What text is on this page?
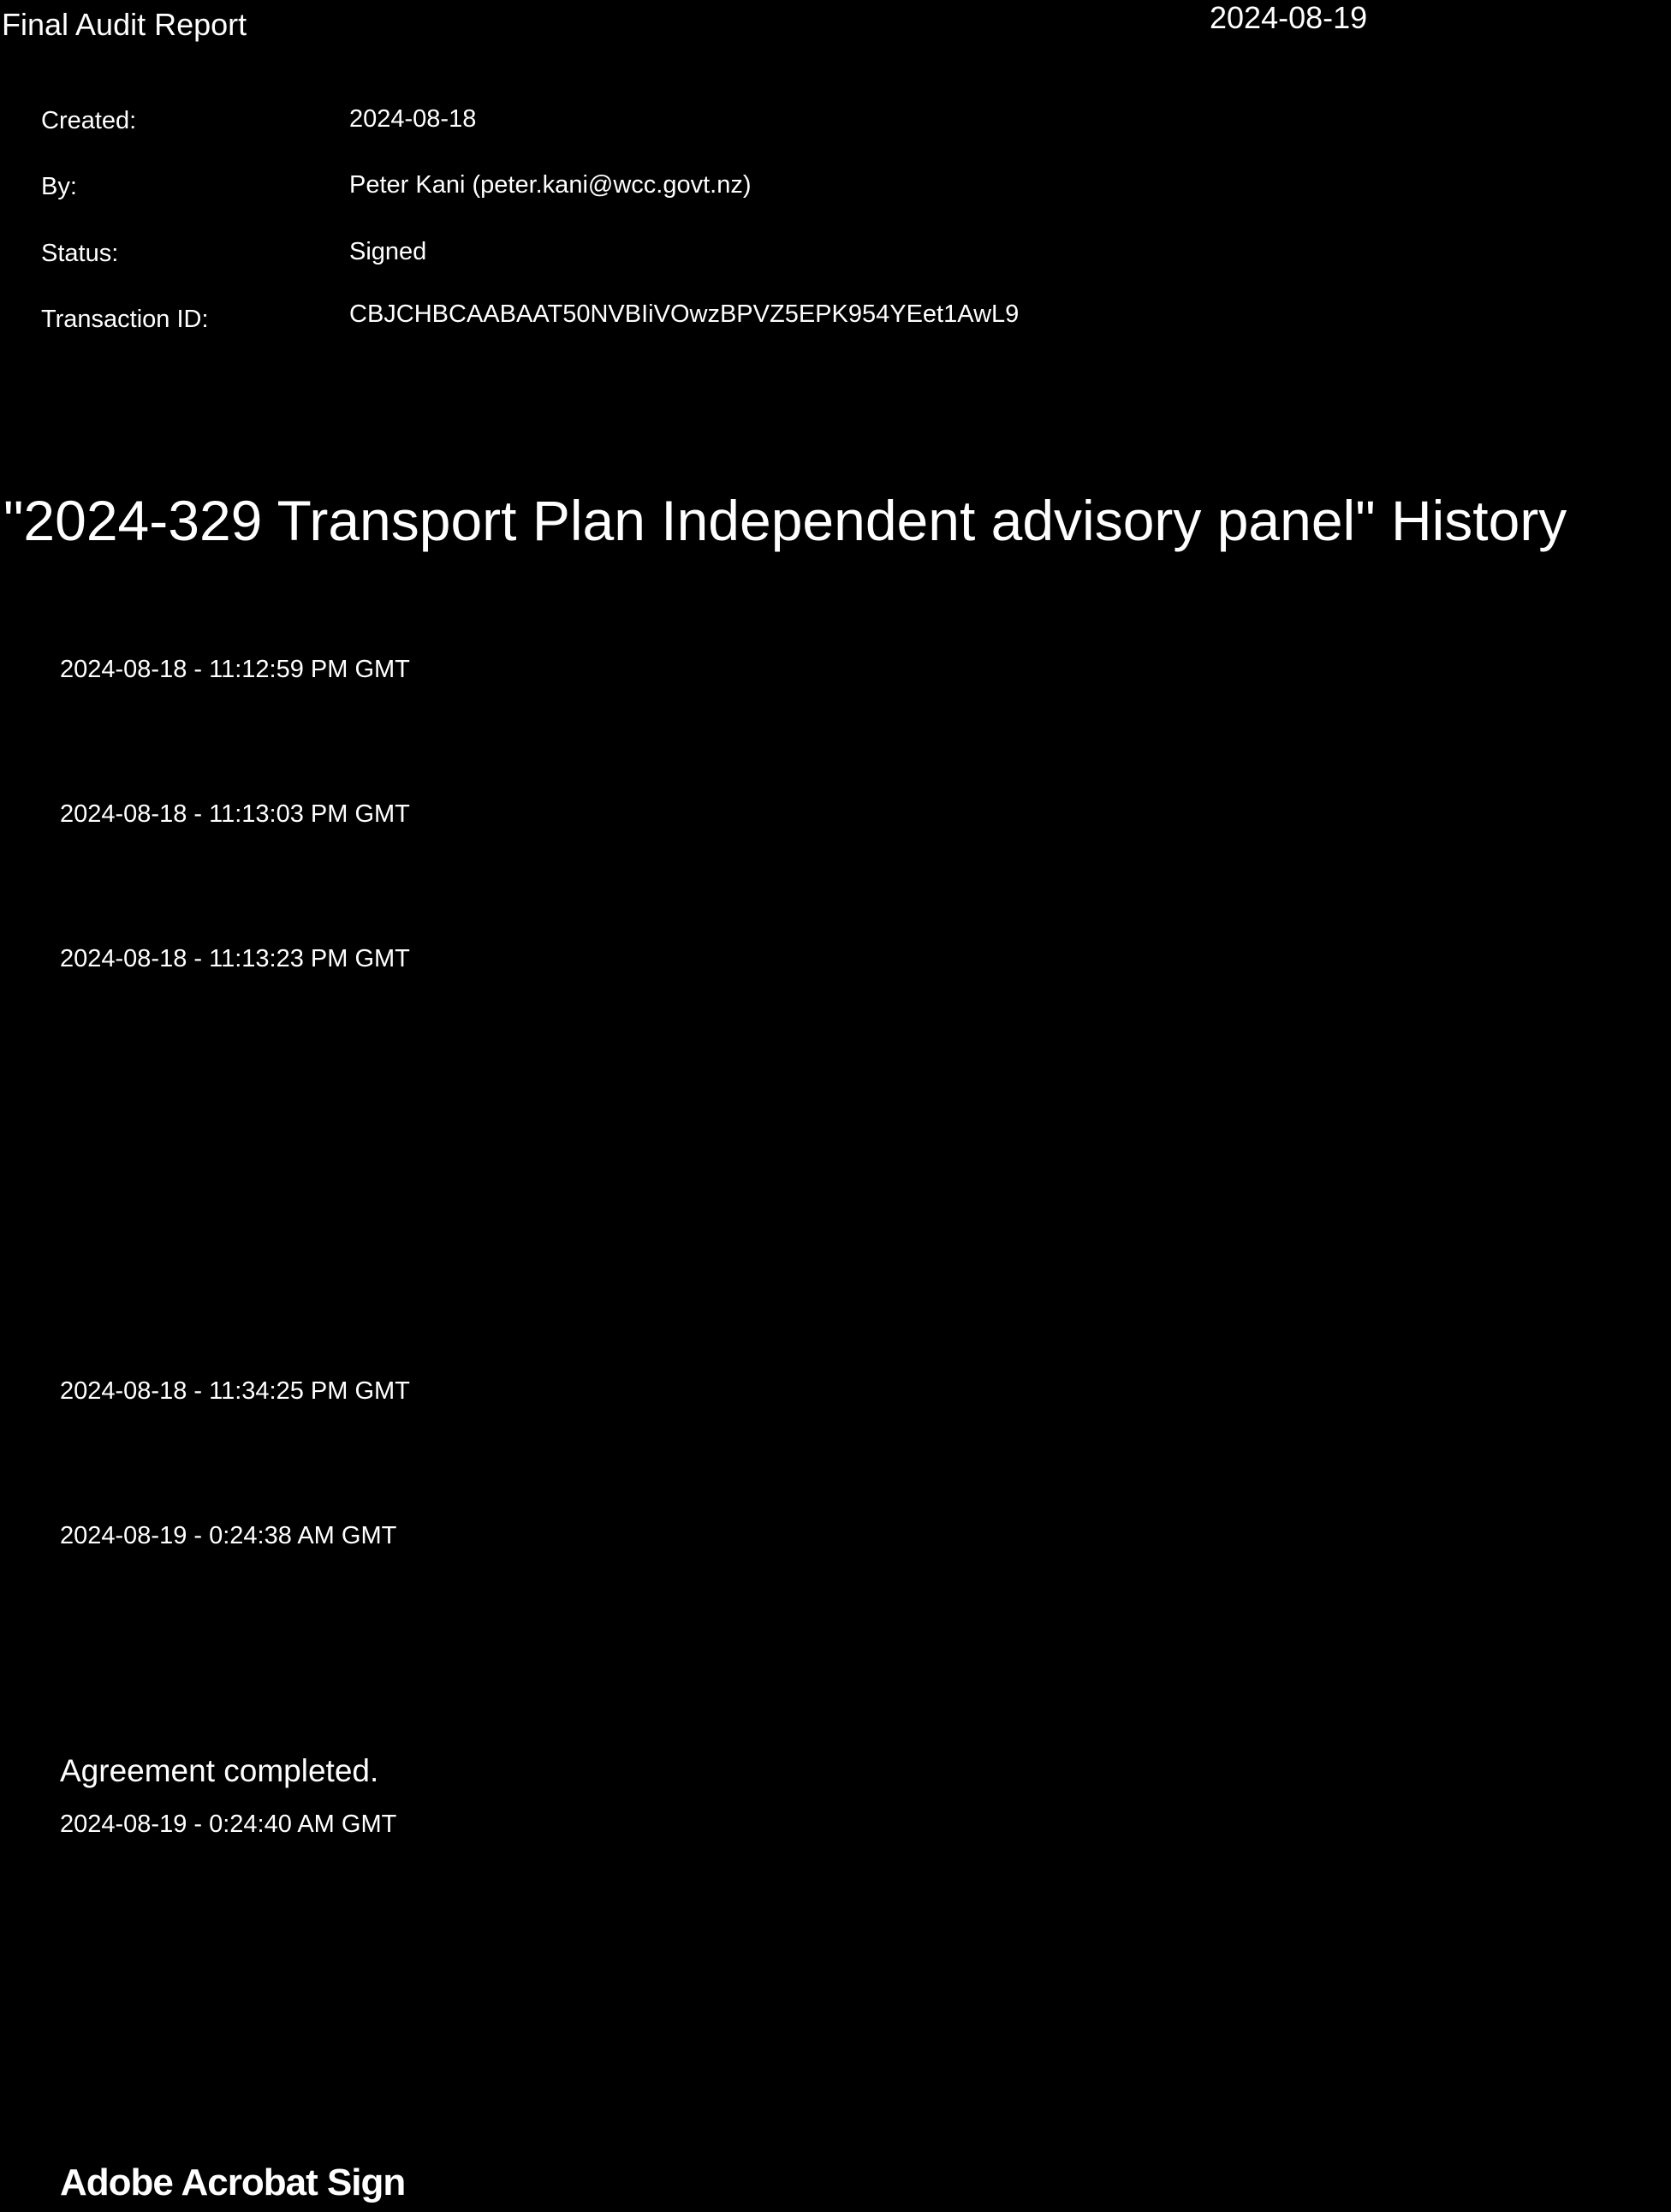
Final Audit Report	2024-08-19
Created:	2024-08-18
By:	Peter Kani (peter.kani@wcc.govt.nz)
Status:	Signed
Transaction ID:	CBJCHBCAABAAT50NVBIiVOwzBPVZ5EPK954YEet1AwL9
"2024-329 Transport Plan Independent advisory panel" History
2024-08-18 - 11:12:59 PM GMT
2024-08-18 - 11:13:03 PM GMT
2024-08-18 - 11:13:23 PM GMT
2024-08-18 - 11:34:25 PM GMT
2024-08-19 - 0:24:38 AM GMT
Agreement completed.
2024-08-19 - 0:24:40 AM GMT
Adobe Acrobat Sign
